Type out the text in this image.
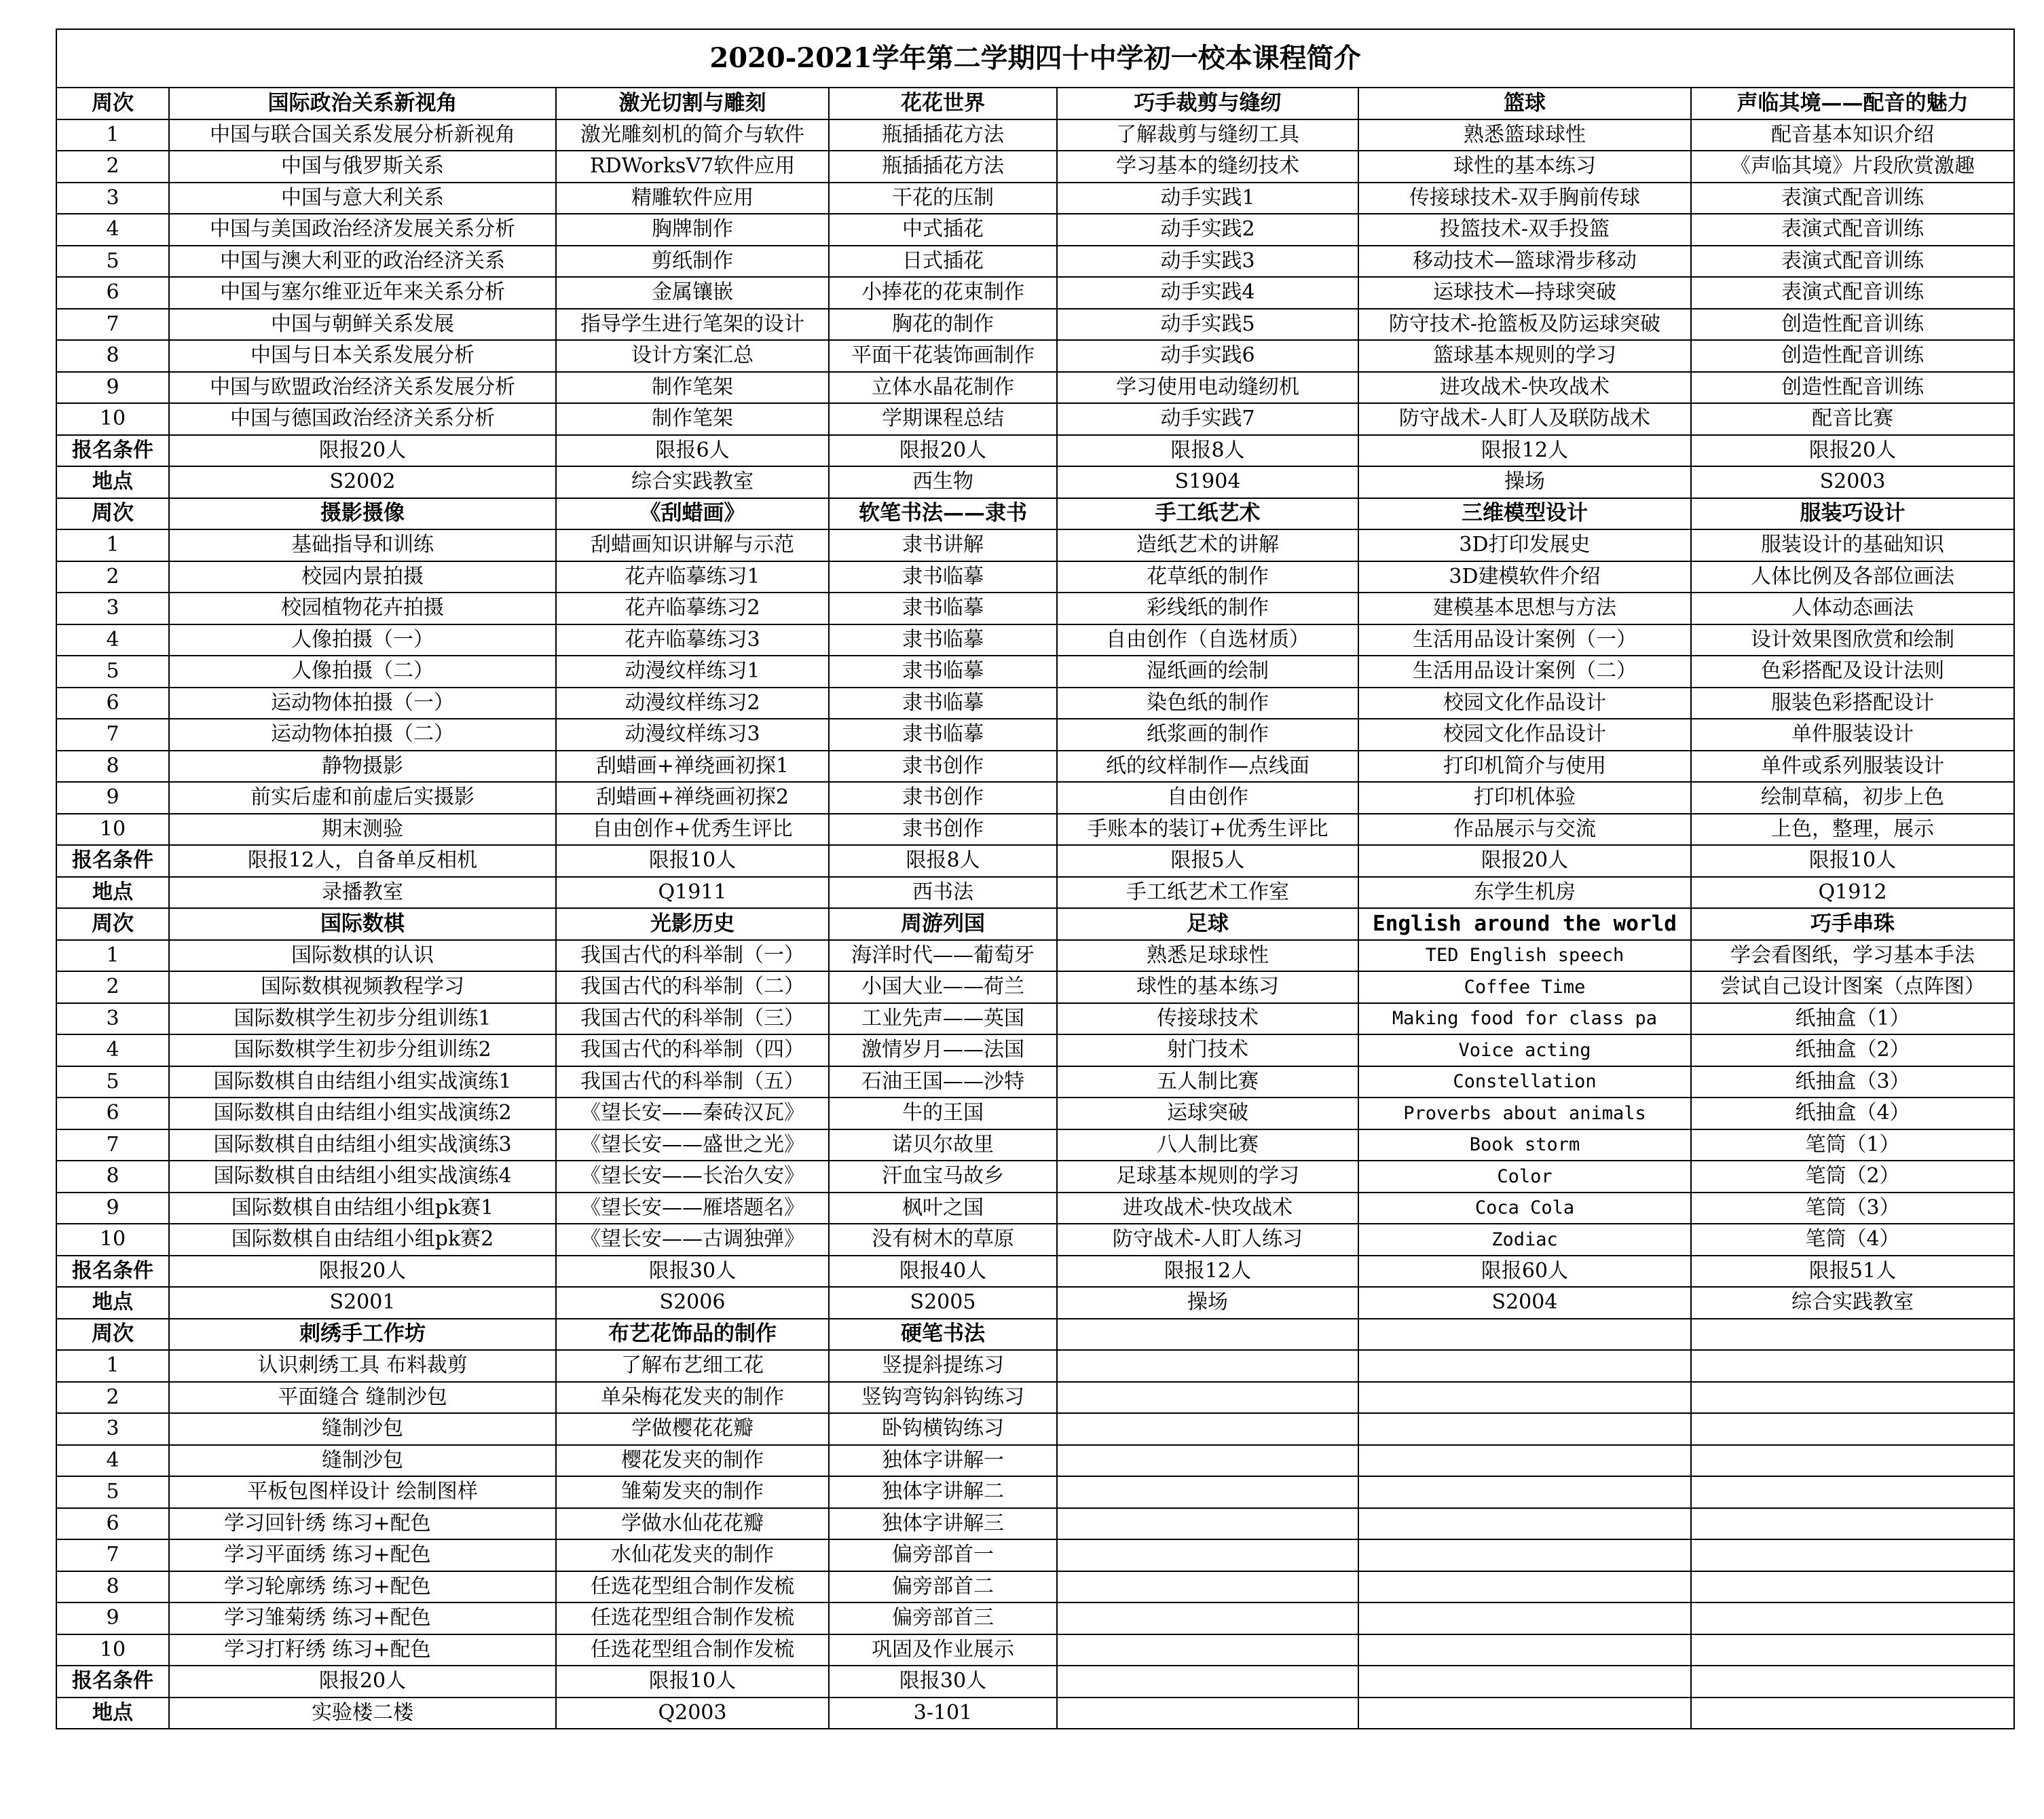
2020-2021学年第二学期四十中学初一校本课程简介						
周次	国际政治关系新视角	激光切割与雕刻	花花世界	巧手裁剪与缝纫	篮球	声临其境——配音的魅力
1	中国与联合国关系发展分析新视角	激光雕刻机的简介与软件	瓶插插花方法	了解裁剪与缝纫工具	熟悉篮球球性	配音基本知识介绍
2	中国与俄罗斯关系	RDWorksV7软件应用	瓶插插花方法	学习基本的缝纫技术	球性的基本练习	《声临其境》片段欣赏激趣
3	中国与意大利关系	精雕软件应用	干花的压制	动手实践1	传接球技术-双手胸前传球	表演式配音训练
4	中国与美国政治经济发展关系分析	胸牌制作	中式插花	动手实践2	投篮技术-双手投篮	表演式配音训练
5	中国与澳大利亚的政治经济关系	剪纸制作	日式插花	动手实践3	移动技术—篮球滑步移动	表演式配音训练
6	中国与塞尔维亚近年来关系分析	金属镶嵌	小捧花的花束制作	动手实践4	运球技术—持球突破	表演式配音训练
7	中国与朝鲜关系发展	指导学生进行笔架的设计	胸花的制作	动手实践5	防守技术-抢篮板及防运球突破	创造性配音训练
8	中国与日本关系发展分析	设计方案汇总	平面干花装饰画制作	动手实践6	篮球基本规则的学习	创造性配音训练
9	中国与欧盟政治经济关系发展分析	制作笔架	立体水晶花制作	学习使用电动缝纫机	进攻战术-快攻战术	创造性配音训练
10	中国与德国政治经济关系分析	制作笔架	学期课程总结	动手实践7	防守战术-人盯人及联防战术	配音比赛
报名条件	限报20人	限报6人	限报20人	限报8人	限报12人	限报20人
地点	S2002	综合实践教室	西生物	S1904	操场	S2003
周次	摄影摄像	《刮蜡画》	软笔书法——隶书	手工纸艺术	三维模型设计	服装巧设计
1	基础指导和训练	刮蜡画知识讲解与示范	隶书讲解	造纸艺术的讲解	3D打印发展史	服装设计的基础知识
2	校园内景拍摄	花卉临摹练习1	隶书临摹	花草纸的制作	3D建模软件介绍	人体比例及各部位画法
3	校园植物花卉拍摄	花卉临摹练习2	隶书临摹	彩线纸的制作	建模基本思想与方法	人体动态画法
4	人像拍摄（一）	花卉临摹练习3	隶书临摹	自由创作（自选材质）	生活用品设计案例（一）	设计效果图欣赏和绘制
5	人像拍摄（二）	动漫纹样练习1	隶书临摹	湿纸画的绘制	生活用品设计案例（二）	色彩搭配及设计法则
6	运动物体拍摄（一）	动漫纹样练习2	隶书临摹	染色纸的制作	校园文化作品设计	服装色彩搭配设计
7	运动物体拍摄（二）	动漫纹样练习3	隶书临摹	纸浆画的制作	校园文化作品设计	单件服装设计
8	静物摄影	刮蜡画+禅绕画初探1	隶书创作	纸的纹样制作—点线面	打印机简介与使用	单件或系列服装设计
9	前实后虚和前虚后实摄影	刮蜡画+禅绕画初探2	隶书创作	自由创作	打印机体验	绘制草稿，初步上色
10	期末测验	自由创作+优秀生评比	隶书创作	手账本的装订+优秀生评比	作品展示与交流	上色，整理，展示
报名条件	限报12人，自备单反相机	限报10人	限报8人	限报5人	限报20人	限报10人
地点	录播教室	Q1911	西书法	手工纸艺术工作室	东学生机房	Q1912
周次	国际数棋	光影历史	周游列国	足球	English around the world	巧手串珠
1	国际数棋的认识	我国古代的科举制（一）	海洋时代——葡萄牙	熟悉足球球性	TED English speech	学会看图纸，学习基本手法
2	国际数棋视频教程学习	我国古代的科举制（二）	小国大业——荷兰	球性的基本练习	Coffee Time	尝试自己设计图案（点阵图）
3	国际数棋学生初步分组训练1	我国古代的科举制（三）	工业先声——英国	传接球技术	Making food for class pa	纸抽盒（1）
4	国际数棋学生初步分组训练2	我国古代的科举制（四）	激情岁月——法国	射门技术	Voice acting	纸抽盒（2）
5	国际数棋自由结组小组实战演练1	我国古代的科举制（五）	石油王国——沙特	五人制比赛	Constellation	纸抽盒（3）
6	国际数棋自由结组小组实战演练2	《望长安——秦砖汉瓦》	牛的王国	运球突破	Proverbs about animals	纸抽盒（4）
7	国际数棋自由结组小组实战演练3	《望长安——盛世之光》	诺贝尔故里	八人制比赛	Book storm	笔筒（1）
8	国际数棋自由结组小组实战演练4	《望长安——长治久安》	汗血宝马故乡	足球基本规则的学习	Color	笔筒（2）
9	国际数棋自由结组小组pk赛1	《望长安——雁塔题名》	枫叶之国	进攻战术-快攻战术	Coca Cola	笔筒（3）
10	国际数棋自由结组小组pk赛2	《望长安——古调独弹》	没有树木的草原	防守战术-人盯人练习	Zodiac	笔筒（4）
报名条件	限报20人	限报30人	限报40人	限报12人	限报60人	限报51人
地点	S2001	S2006	S2005	操场	S2004	综合实践教室
周次	刺绣手工作坊	布艺花饰品的制作	硬笔书法			
1	认识刺绣工具 布料裁剪	了解布艺细工花	竖提斜提练习			
2	平面缝合 缝制沙包	单朵梅花发夹的制作	竖钩弯钩斜钩练习			
3	缝制沙包	学做樱花花瓣	卧钩横钩练习			
4	缝制沙包	樱花发夹的制作	独体字讲解一			
5	平板包图样设计 绘制图样	雏菊发夹的制作	独体字讲解二			
6	学习回针绣 练习+配色	学做水仙花花瓣	独体字讲解三			
7	学习平面绣 练习+配色	水仙花发夹的制作	偏旁部首一			
8	学习轮廓绣 练习+配色	任选花型组合制作发梳	偏旁部首二			
9	学习雏菊绣 练习+配色	任选花型组合制作发梳	偏旁部首三			
10	学习打籽绣 练习+配色	任选花型组合制作发梳	巩固及作业展示			
报名条件	限报20人	限报10人	限报30人			
地点	实验楼二楼	Q2003	3-101			
